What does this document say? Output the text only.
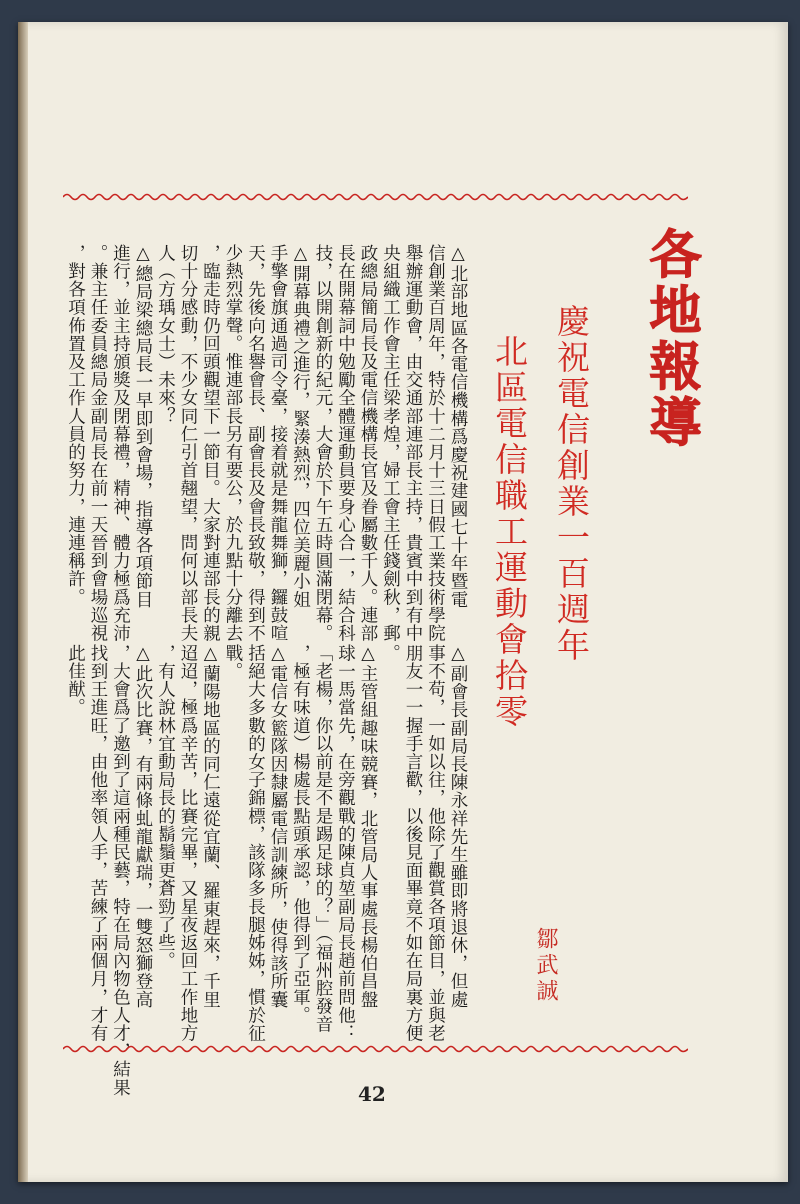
各地報導
慶祝電信創業一百週年
北區電信職工運動會拾零
鄒武誠
△北部地區各電信機構爲慶祝建國七十年暨電
信創業百周年，特於十二月十三日假工業技術學院
舉辦運動會，由交通部連部長主持，貴賓中到有中
央組織工作會主任梁孝煌，婦工會主任錢劍秋，郵
政總局簡局長及電信機構長官及眷屬數千人。連部
長在開幕詞中勉勵全體運動員要身心合一，結合科
技，以開創新的紀元，大會於下午五時圓滿閉幕。
△開幕典禮之進行，緊湊熱烈，四位美麗小姐
手擎會旗通過司令臺，接着就是舞龍舞獅，鑼鼓喧
天，先後向名譽會長、副會長及會長致敬，得到不
少熱烈掌聲。惟連部長另有要公，於九點十分離去
，臨走時仍回頭觀望下一節目。大家對連部長的親
切十分感動，不少女同仁引首翹望，問何以部長夫
人（方瑀女士）未來？
△總局梁總局長一早即到會場，指導各項節目
進行，並主持頒獎及閉幕禮，精神、體力極爲充沛
。兼主任委員總局金副局長在前一天晉到會場巡視
，對各項佈置及工作人員的努力，連連稱許。
△副會長副局長陳永祥先生雖即將退休，但處
事不苟，一如以往，他除了觀賞各項節目，並與老
朋友一一握手言歡，以後見面畢竟不如在局裏方便
。
△主管組趣味競賽，北管局人事處長楊伯昌盤
球一馬當先，在旁觀戰的陳貞堃副局長趙前問他：
「老楊，你以前是不是踢足球的？」（福州腔發音
，極有味道）楊處長點頭承認，他得到了亞軍。
△電信女籃隊因隸屬電信訓練所，使得該所囊
括絕大多數的女子錦標，該隊多長腿姊姊，慣於征
戰。
△蘭陽地區的同仁遠從宜蘭、羅東趕來，千里
迢迢，極爲辛苦，比賽完畢，又星夜返回工作地方
，有人說林宜動局長的鬍鬚更蒼勁了些。
△此次比賽，有兩條虬龍獻瑞，一雙怒獅登高
，大會爲了邀到了這兩種民藝，特在局內物色人才，結果
找到王進旺，由他率領人手，苦練了兩個月，才有
此佳猷。
42
